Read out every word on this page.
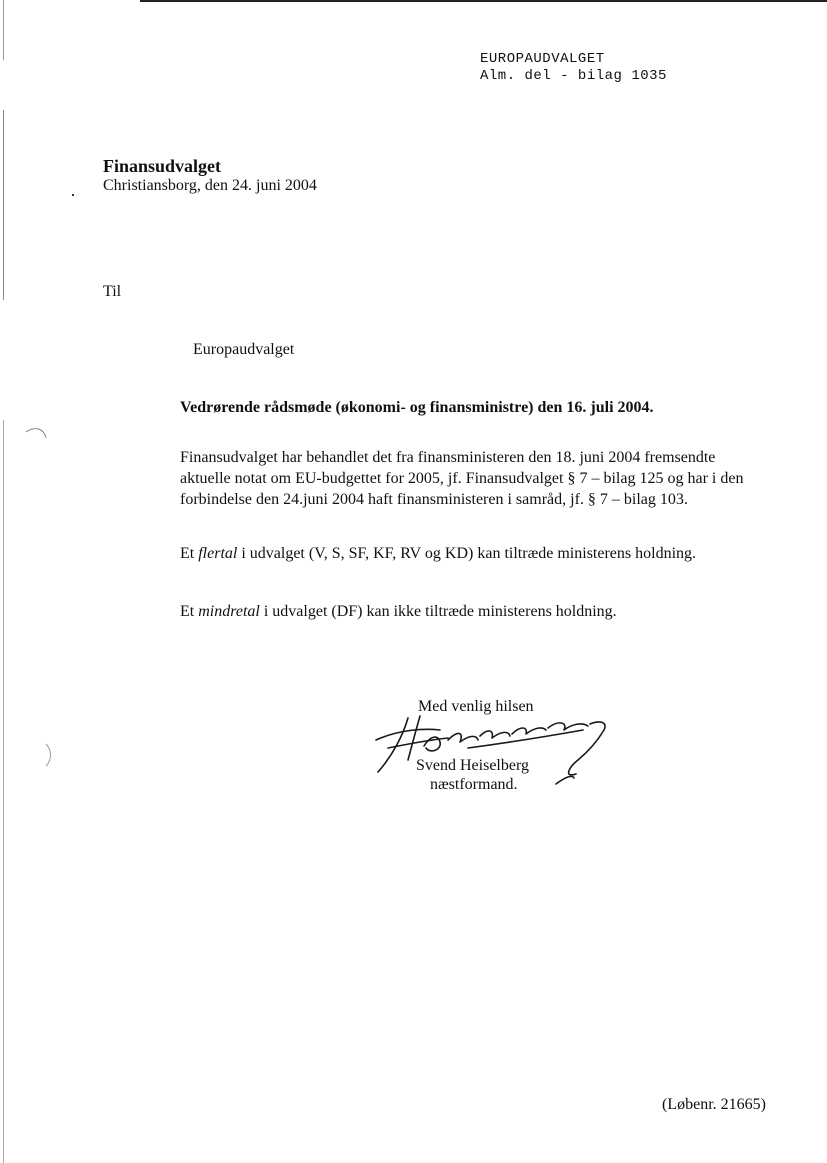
EUROPAUDVALGET
Alm. del - bilag 1035
Finansudvalget
Christiansborg, den 24. juni 2004
Til
Europaudvalget
Vedrørende rådsmøde (økonomi- og finansministre) den 16. juli 2004.
Finansudvalget har behandlet det fra finansministeren den 18. juni 2004 fremsendte
aktuelle notat om EU-budgettet for 2005, jf. Finansudvalget § 7 – bilag 125 og har i den
forbindelse den 24.juni 2004 haft finansministeren i samråd, jf. § 7 – bilag 103.
Et flertal i udvalget (V, S, SF, KF, RV og KD) kan tiltræde ministerens holdning.
Et mindretal i udvalget (DF) kan ikke tiltræde ministerens holdning.
Med venlig hilsen
Svend Heiselberg
næstformand.
(Løbenr. 21665)
